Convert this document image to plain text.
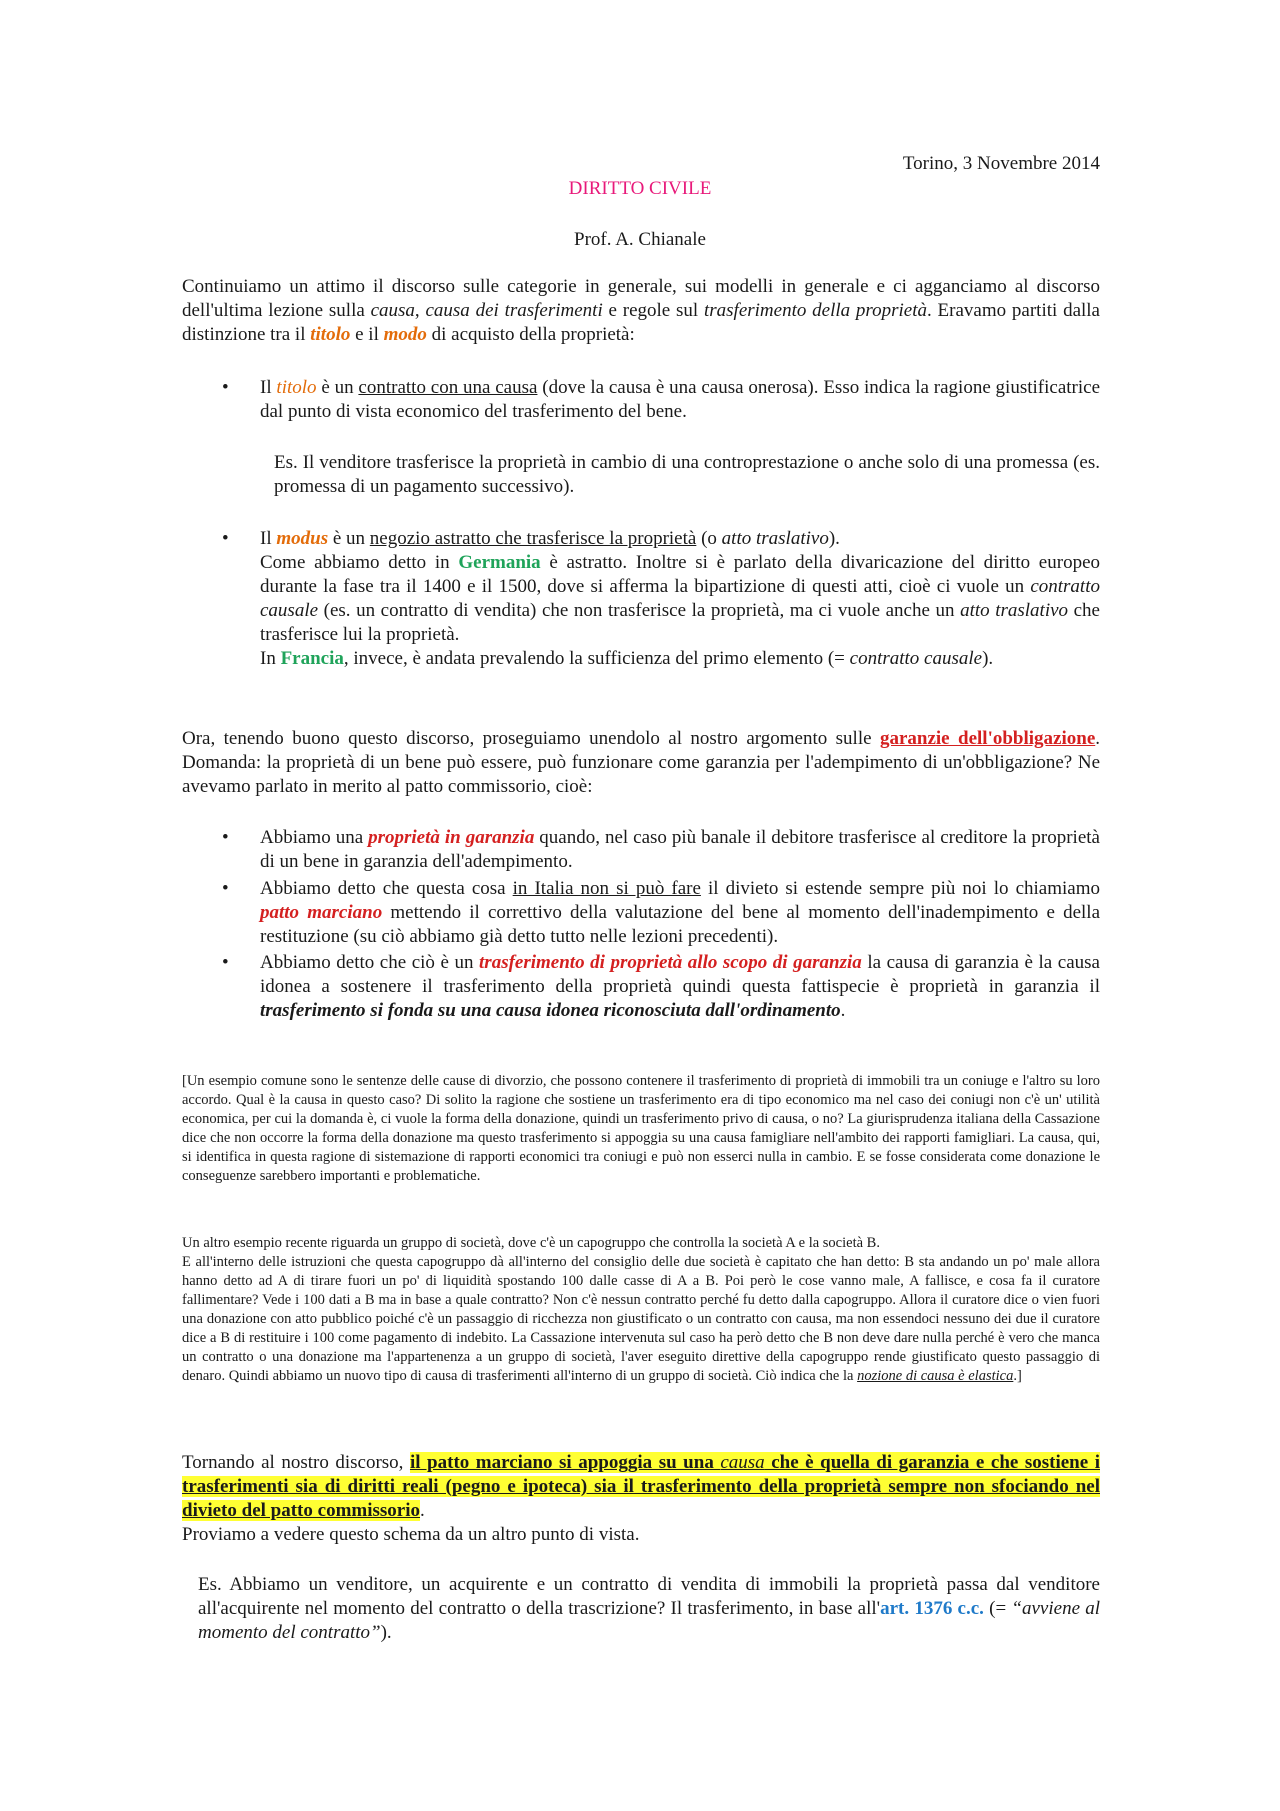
Torino, 3 Novembre 2014

DIRITTO CIVILE

Prof. A. Chianale

Continuiamo un attimo il discorso sulle categorie in generale, sui modelli in generale e ci agganciamo al discorso dell'ultima lezione sulla causa, causa dei trasferimenti e regole sul trasferimento della proprietà. Eravamo partiti dalla distinzione tra il titolo e il modo di acquisto della proprietà:

• Il titolo è un contratto con una causa (dove la causa è una causa onerosa). Esso indica la ragione giustificatrice dal punto di vista economico del trasferimento del bene.

Es. Il venditore trasferisce la proprietà in cambio di una controprestazione o anche solo di una promessa (es. promessa di un pagamento successivo).

• Il modus è un negozio astratto che trasferisce la proprietà (o atto traslativo).
Come abbiamo detto in Germania è astratto. Inoltre si è parlato della divaricazione del diritto europeo durante la fase tra il 1400 e il 1500, dove si afferma la bipartizione di questi atti, cioè ci vuole un contratto causale (es. un contratto di vendita) che non trasferisce la proprietà, ma ci vuole anche un atto traslativo che trasferisce lui la proprietà.
In Francia, invece, è andata prevalendo la sufficienza del primo elemento (= contratto causale).

Ora, tenendo buono questo discorso, proseguiamo unendolo al nostro argomento sulle garanzie dell'obbligazione. Domanda: la proprietà di un bene può essere, può funzionare come garanzia per l'adempimento di un'obbligazione? Ne avevamo parlato in merito al patto commissorio, cioè:

• Abbiamo una proprietà in garanzia quando, nel caso più banale il debitore trasferisce al creditore la proprietà di un bene in garanzia dell'adempimento.

• Abbiamo detto che questa cosa in Italia non si può fare il divieto si estende sempre più noi lo chiamiamo patto marciano mettendo il correttivo della valutazione del bene al momento dell'inadempimento e della restituzione (su ciò abbiamo già detto tutto nelle lezioni precedenti).

• Abbiamo detto che ciò è un trasferimento di proprietà allo scopo di garanzia la causa di garanzia è la causa idonea a sostenere il trasferimento della proprietà quindi questa fattispecie è proprietà in garanzia il trasferimento si fonda su una causa idonea riconosciuta dall'ordinamento.

[Un esempio comune sono le sentenze delle cause di divorzio, che possono contenere il trasferimento di proprietà di immobili tra un coniuge e l'altro su loro accordo. Qual è la causa in questo caso? Di solito la ragione che sostiene un trasferimento era di tipo economico ma nel caso dei coniugi non c'è un' utilità economica, per cui la domanda è, ci vuole la forma della donazione, quindi un trasferimento privo di causa, o no? La giurisprudenza italiana della Cassazione dice che non occorre la forma della donazione ma questo trasferimento si appoggia su una causa famigliare nell'ambito dei rapporti famigliari. La causa, qui, si identifica in questa ragione di sistemazione di rapporti economici tra coniugi e può non esserci nulla in cambio. E se fosse considerata come donazione le conseguenze sarebbero importanti e problematiche.

Un altro esempio recente riguarda un gruppo di società, dove c'è un capogruppo che controlla la società A e la società B.
E all'interno delle istruzioni che questa capogruppo dà all'interno del consiglio delle due società è capitato che han detto: B sta andando un po' male allora hanno detto ad A di tirare fuori un po' di liquidità spostando 100 dalle casse di A a B. Poi però le cose vanno male, A fallisce, e cosa fa il curatore fallimentare? Vede i 100 dati a B ma in base a quale contratto? Non c'è nessun contratto perché fu detto dalla capogruppo. Allora il curatore dice o vien fuori una donazione con atto pubblico poiché c'è un passaggio di ricchezza non giustificato o un contratto con causa, ma non essendoci nessuno dei due il curatore dice a B di restituire i 100 come pagamento di indebito. La Cassazione intervenuta sul caso ha però detto che B non deve dare nulla perché è vero che manca un contratto o una donazione ma l'appartenenza a un gruppo di società, l'aver eseguito direttive della capogruppo rende giustificato questo passaggio di denaro. Quindi abbiamo un nuovo tipo di causa di trasferimenti all'interno di un gruppo di società. Ciò indica che la nozione di causa è elastica.]

Tornando al nostro discorso, il patto marciano si appoggia su una causa che è quella di garanzia e che sostiene i trasferimenti sia di diritti reali (pegno e ipoteca) sia il trasferimento della proprietà sempre non sfociando nel divieto del patto commissorio.

Proviamo a vedere questo schema da un altro punto di vista.

Es. Abbiamo un venditore, un acquirente e un contratto di vendita di immobili la proprietà passa dal venditore all'acquirente nel momento del contratto o della trascrizione? Il trasferimento, in base all'art. 1376 c.c. (= “avviene al momento del contratto”).
